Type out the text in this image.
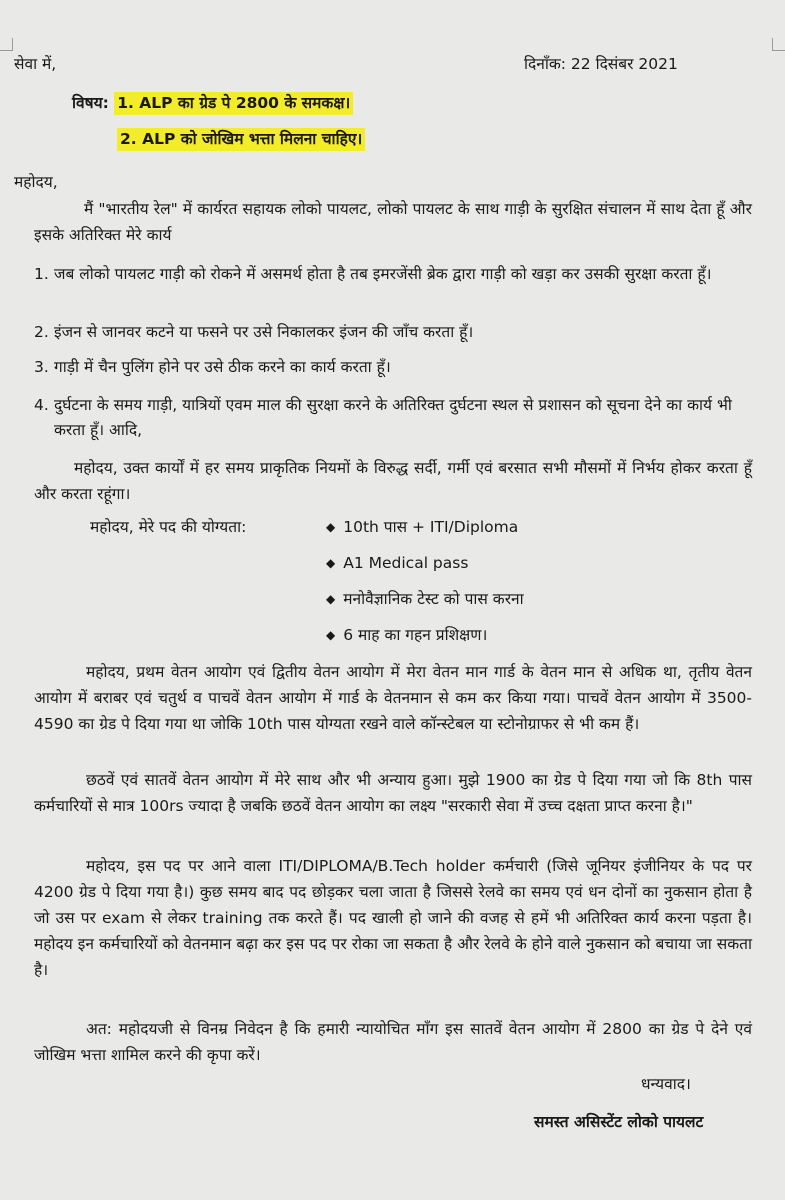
सेवा में,	दिनाँक: 22 दिसंबर 2021
विषय: 1. ALP का ग्रेड पे 2800 के समकक्ष।
2. ALP को जोखिम भत्ता मिलना चाहिए।
महोदय,
मैं "भारतीय रेल" में कार्यरत सहायक लोको पायलट, लोको पायलट के साथ गाड़ी के सुरक्षित संचालन में साथ देता हूँ और इसके अतिरिक्त मेरे कार्य
1. जब लोको पायलट गाड़ी को रोकने में असमर्थ होता है तब इमरजेंसी ब्रेक द्वारा गाड़ी को खड़ा कर उसकी सुरक्षा करता हूँ।
2. इंजन से जानवर कटने या फसने पर उसे निकालकर इंजन की जाँच करता हूँ।
3. गाड़ी में चैन पुलिंग होने पर उसे ठीक करने का कार्य करता हूँ।
4. दुर्घटना के समय गाड़ी, यात्रियों एवम माल की सुरक्षा करने के अतिरिक्त दुर्घटना स्थल से प्रशासन को सूचना देने का कार्य भी करता हूँ। आदि,
महोदय, उक्त कार्यों में हर समय प्राकृतिक नियमों के विरुद्ध सर्दी, गर्मी एवं बरसात सभी मौसमों में निर्भय होकर करता हूँ और करता रहूंगा।
महोदय, मेरे पद की योग्यता:	◆ 10th पास + ITI/Diploma
◆ A1 Medical pass
◆ मनोवैज्ञानिक टेस्ट को पास करना
◆ 6 माह का गहन प्रशिक्षण।
महोदय, प्रथम वेतन आयोग एवं द्वितीय वेतन आयोग में मेरा वेतन मान गार्ड के वेतन मान से अधिक था, तृतीय वेतन आयोग में बराबर एवं चतुर्थ व पाचवें वेतन आयोग में गार्ड के वेतनमान से कम कर किया गया। पाचवें वेतन आयोग में 3500- 4590 का ग्रेड पे दिया गया था जोकि 10th पास योग्यता रखने वाले कॉन्स्टेबल या स्टोनोग्राफर से भी कम हैं।
छठवें एवं सातवें वेतन आयोग में मेरे साथ और भी अन्याय हुआ। मुझे 1900 का ग्रेड पे दिया गया जो कि 8th पास कर्मचारियों से मात्र 100rs ज्यादा है जबकि छठवें वेतन आयोग का लक्ष्य "सरकारी सेवा में उच्च दक्षता प्राप्त करना है।"
महोदय, इस पद पर आने वाला ITI/DIPLOMA/B.Tech holder कर्मचारी (जिसे जूनियर इंजीनियर के पद पर 4200 ग्रेड पे दिया गया है।) कुछ समय बाद पद छोड़कर चला जाता है जिससे रेलवे का समय एवं धन दोनों का नुकसान होता है जो उस पर exam से लेकर training तक करते हैं। पद खाली हो जाने की वजह से हमें भी अतिरिक्त कार्य करना पड़ता है।महोदय इन कर्मचारियों को वेतनमान बढ़ा कर इस पद पर रोका जा सकता है और रेलवे के होने वाले नुकसान को बचाया जा सकता है।
अत: महोदयजी से विनम्र निवेदन है कि हमारी न्यायोचित माँग इस सातवें वेतन आयोग में 2800 का ग्रेड पे देने एवं जोखिम भत्ता शामिल करने की कृपा करें।
धन्यवाद।
समस्त असिस्टेंट लोको पायलट
